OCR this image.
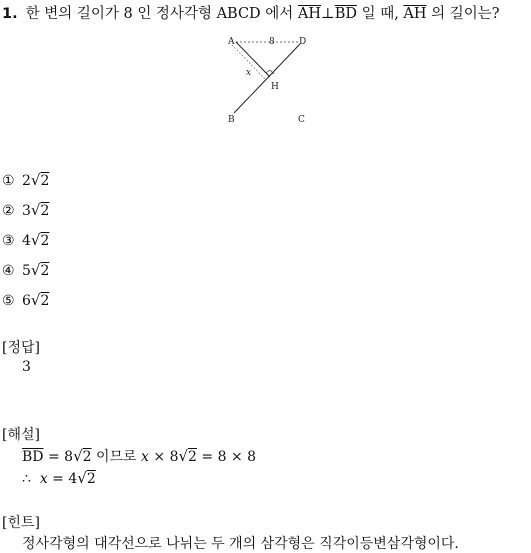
1. 한 변의 길이가 8 인 정사각형 ABCD 에서 $\overline{AH}\perp\overline{BD}$ 일 때, $\overline{AH}$ 의 길이는?
A	D
8
x
H
B	C
① 2√2
② 3√2
③ 4√2
④ 5√2
⑤ 6√2
[정답]
3
[해설]
$\overline{BD} = 8√2$ 이므로 x × 8√2 = 8 × 8
∴ x = 4√2
[힌트]
정사각형의 대각선으로 나뉘는 두 개의 삼각형은 직각이등변삼각형이다.
